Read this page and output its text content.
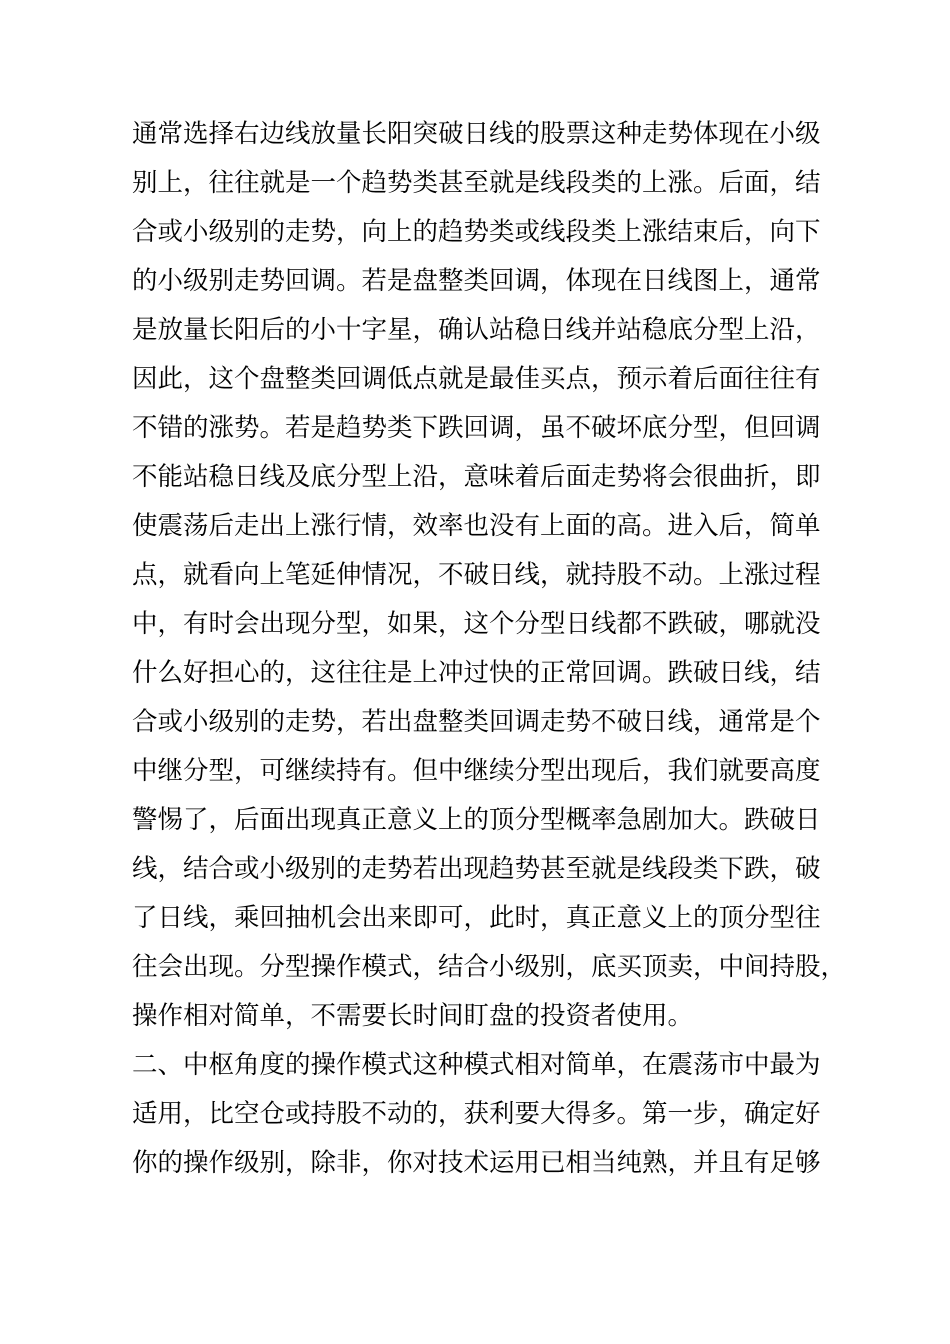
通常选择右边线放量长阳突破日线的股票这种走势体现在小级
别上，往往就是一个趋势类甚至就是线段类的上涨。后面，结
合或小级别的走势，向上的趋势类或线段类上涨结束后，向下
的小级别走势回调。若是盘整类回调，体现在日线图上，通常
是放量长阳后的小十字星，确认站稳日线并站稳底分型上沿，
因此，这个盘整类回调低点就是最佳买点，预示着后面往往有
不错的涨势。若是趋势类下跌回调，虽不破坏底分型，但回调
不能站稳日线及底分型上沿，意味着后面走势将会很曲折，即
使震荡后走出上涨行情，效率也没有上面的高。进入后，简单
点，就看向上笔延伸情况，不破日线，就持股不动。上涨过程
中，有时会出现分型，如果，这个分型日线都不跌破，哪就没
什么好担心的，这往往是上冲过快的正常回调。跌破日线，结
合或小级别的走势，若出盘整类回调走势不破日线，通常是个
中继分型，可继续持有。但中继续分型出现后，我们就要高度
警惕了，后面出现真正意义上的顶分型概率急剧加大。跌破日
线，结合或小级别的走势若出现趋势甚至就是线段类下跌，破
了日线，乘回抽机会出来即可，此时，真正意义上的顶分型往
往会出现。分型操作模式，结合小级别，底买顶卖，中间持股，
操作相对简单，不需要长时间盯盘的投资者使用。
二、中枢角度的操作模式这种模式相对简单，在震荡市中最为
适用，比空仓或持股不动的，获利要大得多。第一步，确定好
你的操作级别，除非，你对技术运用已相当纯熟，并且有足够
